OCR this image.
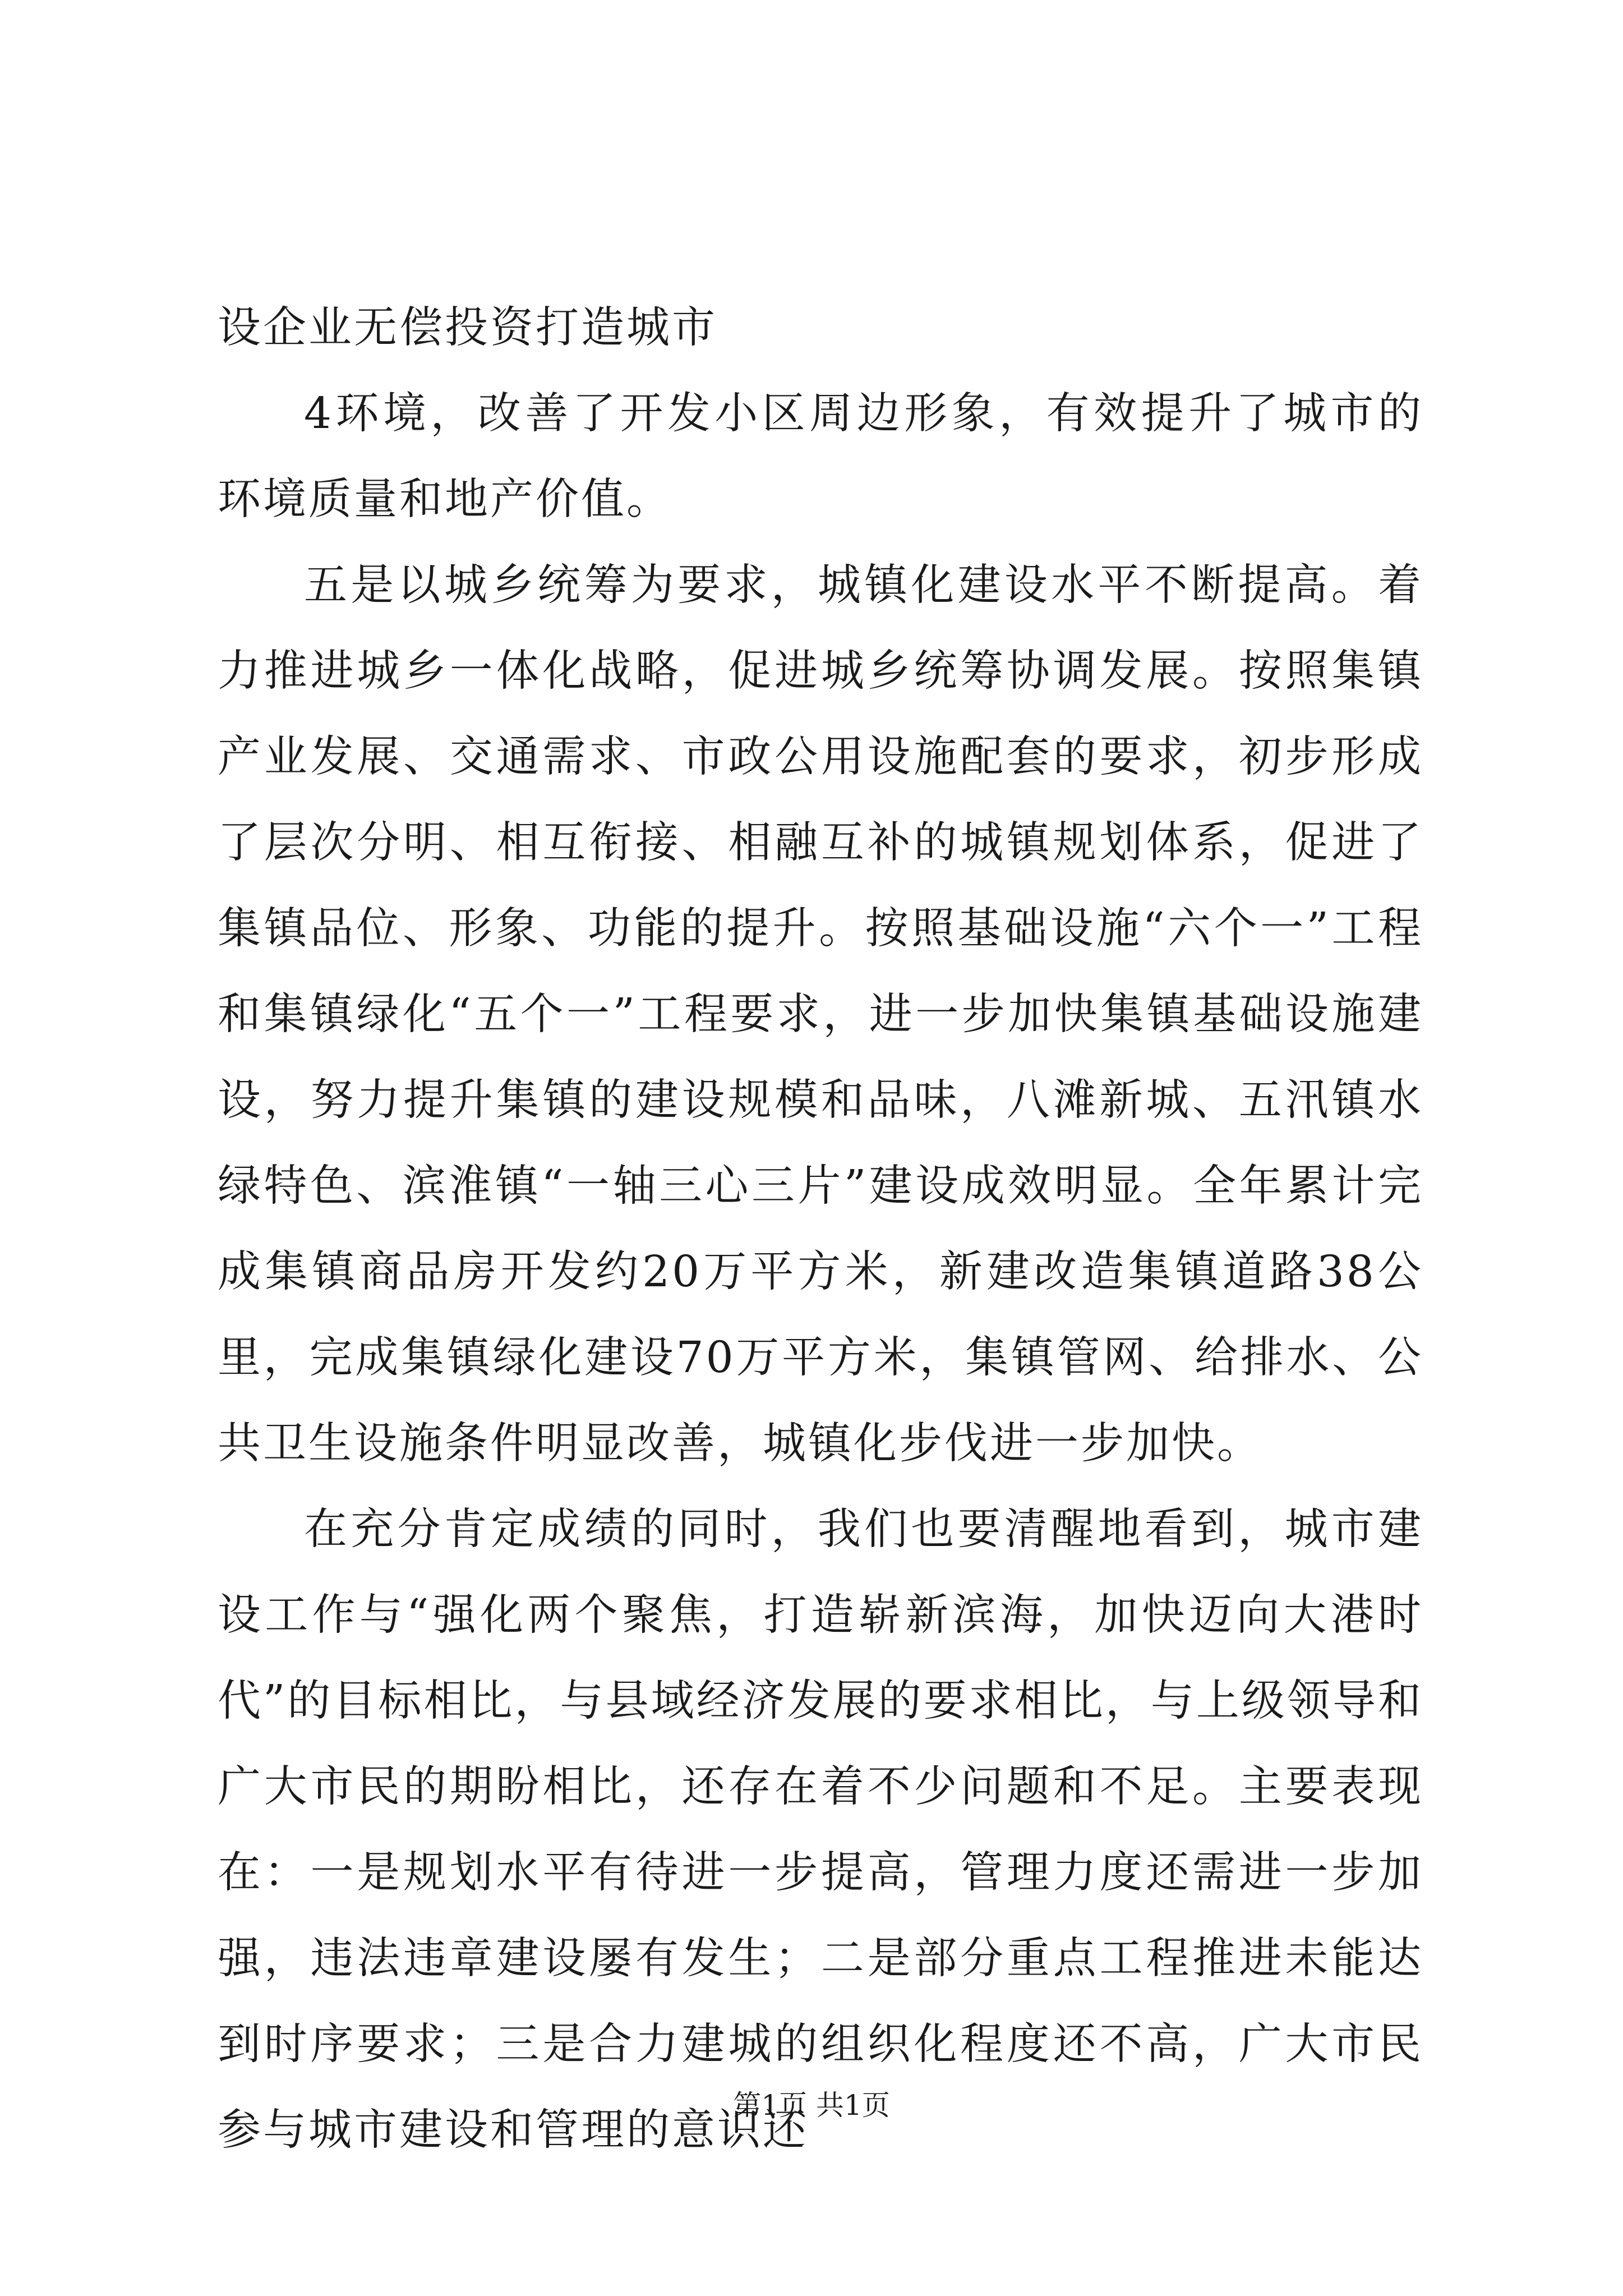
设企业无偿投资打造城市

4环境，改善了开发小区周边形象，有效提升了城市的环境质量和地产价值。

五是以城乡统筹为要求，城镇化建设水平不断提高。着力推进城乡一体化战略，促进城乡统筹协调发展。按照集镇产业发展、交通需求、市政公用设施配套的要求，初步形成了层次分明、相互衔接、相融互补的城镇规划体系，促进了集镇品位、形象、功能的提升。按照基础设施“六个一”工程和集镇绿化“五个一”工程要求，进一步加快集镇基础设施建设，努力提升集镇的建设规模和品味，八滩新城、五汛镇水绿特色、滨淮镇“一轴三心三片”建设成效明显。全年累计完成集镇商品房开发约20万平方米，新建改造集镇道路38公里，完成集镇绿化建设70万平方米，集镇管网、给排水、公共卫生设施条件明显改善，城镇化步伐进一步加快。

在充分肯定成绩的同时，我们也要清醒地看到，城市建设工作与“强化两个聚焦，打造崭新滨海，加快迈向大港时代”的目标相比，与县域经济发展的要求相比，与上级领导和广大市民的期盼相比，还存在着不少问题和不足。主要表现在：一是规划水平有待进一步提高，管理力度还需进一步加强，违法违章建设屡有发生；二是部分重点工程推进未能达到时序要求；三是合力建城的组织化程度还不高，广大市民参与城市建设和管理的意识还

第1页 共1页
